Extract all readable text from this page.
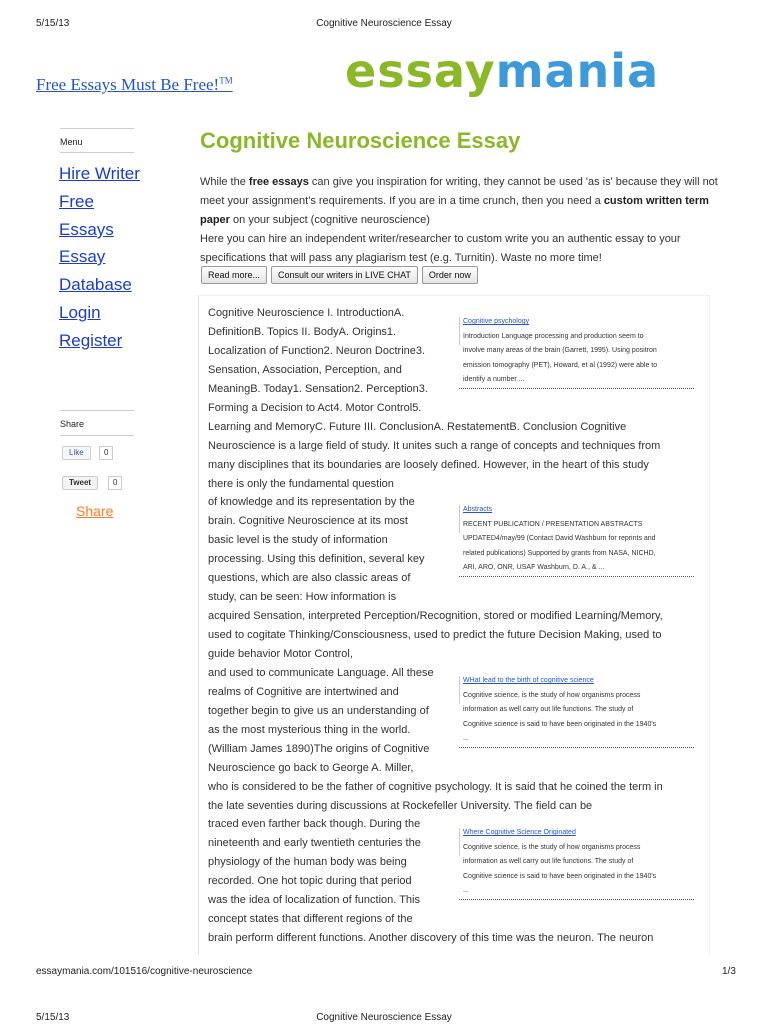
5/15/13	Cognitive Neuroscience Essay
Free Essays Must Be Free!™ essaymania
Menu
Hire Writer
Free
Essays
Essay
Database
Login
Register
Share
Like	0
Tweet	0
Share
Cognitive Neuroscience Essay
While the free essays can give you inspiration for writing, they cannot be used 'as is' because they will not meet your assignment's requirements. If you are in a time crunch, then you need a custom written term paper on your subject (cognitive neuroscience)
Here you can hire an independent writer/researcher to custom write you an authentic essay to your specifications that will pass any plagiarism test (e.g. Turnitin). Waste no more time!
Read more...	Consult our writers in LIVE CHAT	Order now
Cognitive Neuroscience I. IntroductionA.
DefinitionB. Topics II. BodyA. Origins1.
Localization of Function2. Neuron Doctrine3.
Sensation, Association, Perception, and
MeaningB. Today1. Sensation2. Perception3.
Forming a Decision to Act4. Motor Control5.
Learning and MemoryC. Future III. ConclusionA. RestatementB. Conclusion Cognitive
Neuroscience is a large field of study. It unites such a range of concepts and techniques from
many disciplines that its boundaries are loosely defined. However, in the heart of this study
there is only the fundamental question
of knowledge and its representation by the
brain. Cognitive Neuroscience at its most
basic level is the study of information
processing. Using this definition, several key
questions, which are also classic areas of
study, can be seen: How information is
acquired Sensation, interpreted Perception/Recognition, stored or modified Learning/Memory,
used to cogitate Thinking/Consciousness, used to predict the future Decision Making, used to
guide behavior Motor Control,
and used to communicate Language. All these
realms of Cognitive are intertwined and
together begin to give us an understanding of
as the most mysterious thing in the world.
(William James 1890)The origins of Cognitive
Neuroscience go back to George A. Miller,
who is considered to be the father of cognitive psychology. It is said that he coined the term in
the late seventies during discussions at Rockefeller University. The field can be
traced even farther back though. During the
nineteenth and early twentieth centuries the
physiology of the human body was being
recorded. One hot topic during that period
was the idea of localization of function. This
concept states that different regions of the
brain perform different functions. Another discovery of this time was the neuron. The neuron
Cognitive psychology
Introduction Language processing and production seem to
involve many areas of the brain (Garrett, 1995). Using positron
emission tomography (PET), Howard, et al (1992) were able to
identify a number ...
Abstracts
RECENT PUBLICATION / PRESENTATION ABSTRACTS
UPDATED4/may/99 (Contact David Washburn for reprints and
related publications) Supported by grants from NASA, NICHD,
ARI, ARO, ONR, USAF Washburn, D. A., & ...
WHat lead to the birth of cognitive science
Cognitive science, is the study of how organisms process
information as well carry out life functions. The study of
Cognitive science is said to have been originated in the 1940's
...
Where Cognitive Science Originated
Cognitive science, is the study of how organisms process
information as well carry out life functions. The study of
Cognitive science is said to have been originated in the 1940's
...
essaymania.com/101516/cognitive-neuroscience	1/3
5/15/13	Cognitive Neuroscience Essay
